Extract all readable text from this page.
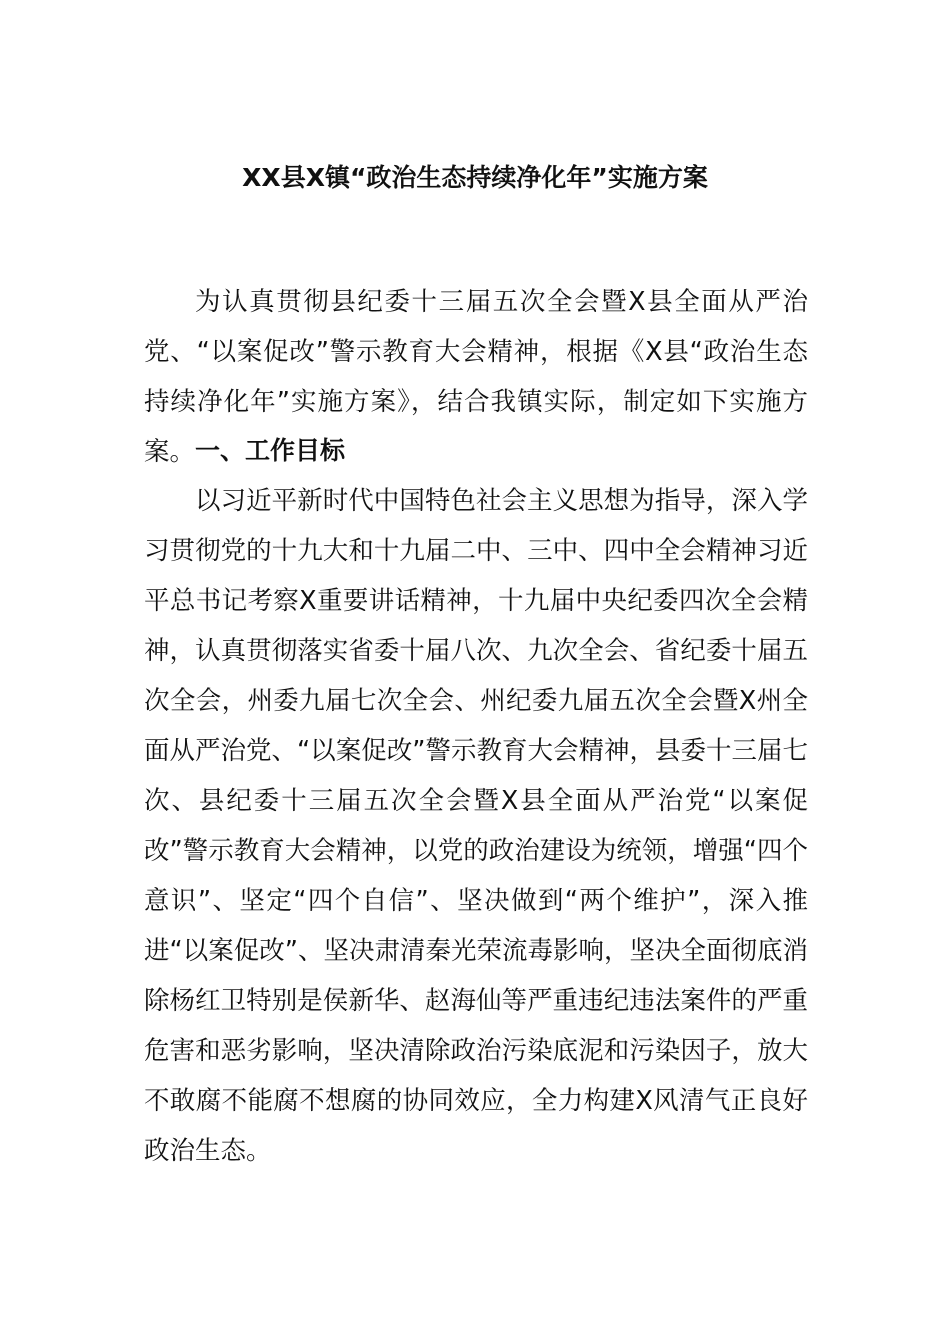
XX县X镇“政治生态持续净化年”实施方案
为认真贯彻县纪委十三届五次全会暨X县全面从严治党、“以案促改”警示教育大会精神，根据《X县“政治生态持续净化年”实施方案》，结合我镇实际，制定如下实施方案。 一、工作目标
以习近平新时代中国特色社会主义思想为指导，深入学习贯彻党的十九大和十九届二中、三中、四中全会精神习近平总书记考察X重要讲话精神，十九届中央纪委四次全会精神，认真贯彻落实省委十届八次、九次全会、省纪委十届五次全会，州委九届七次全会、州纪委九届五次全会暨X州全面从严治党、“以案促改”警示教育大会精神，县委十三届七次、县纪委十三届五次全会暨X县全面从严治党“以案促改”警示教育大会精神，以党的政治建设为统领，增强“四个意识”、坚定“四个自信”、坚决做到“两个维护”，深入推进“以案促改”、坚决肃清秦光荣流毒影响，坚决全面彻底消除杨红卫特别是侯新华、赵海仙等严重违纪违法案件的严重危害和恶劣影响，坚决清除政治污染底泥和污染因子，放大不敢腐不能腐不想腐的协同效应，全力构建X风清气正良好政治生态。
